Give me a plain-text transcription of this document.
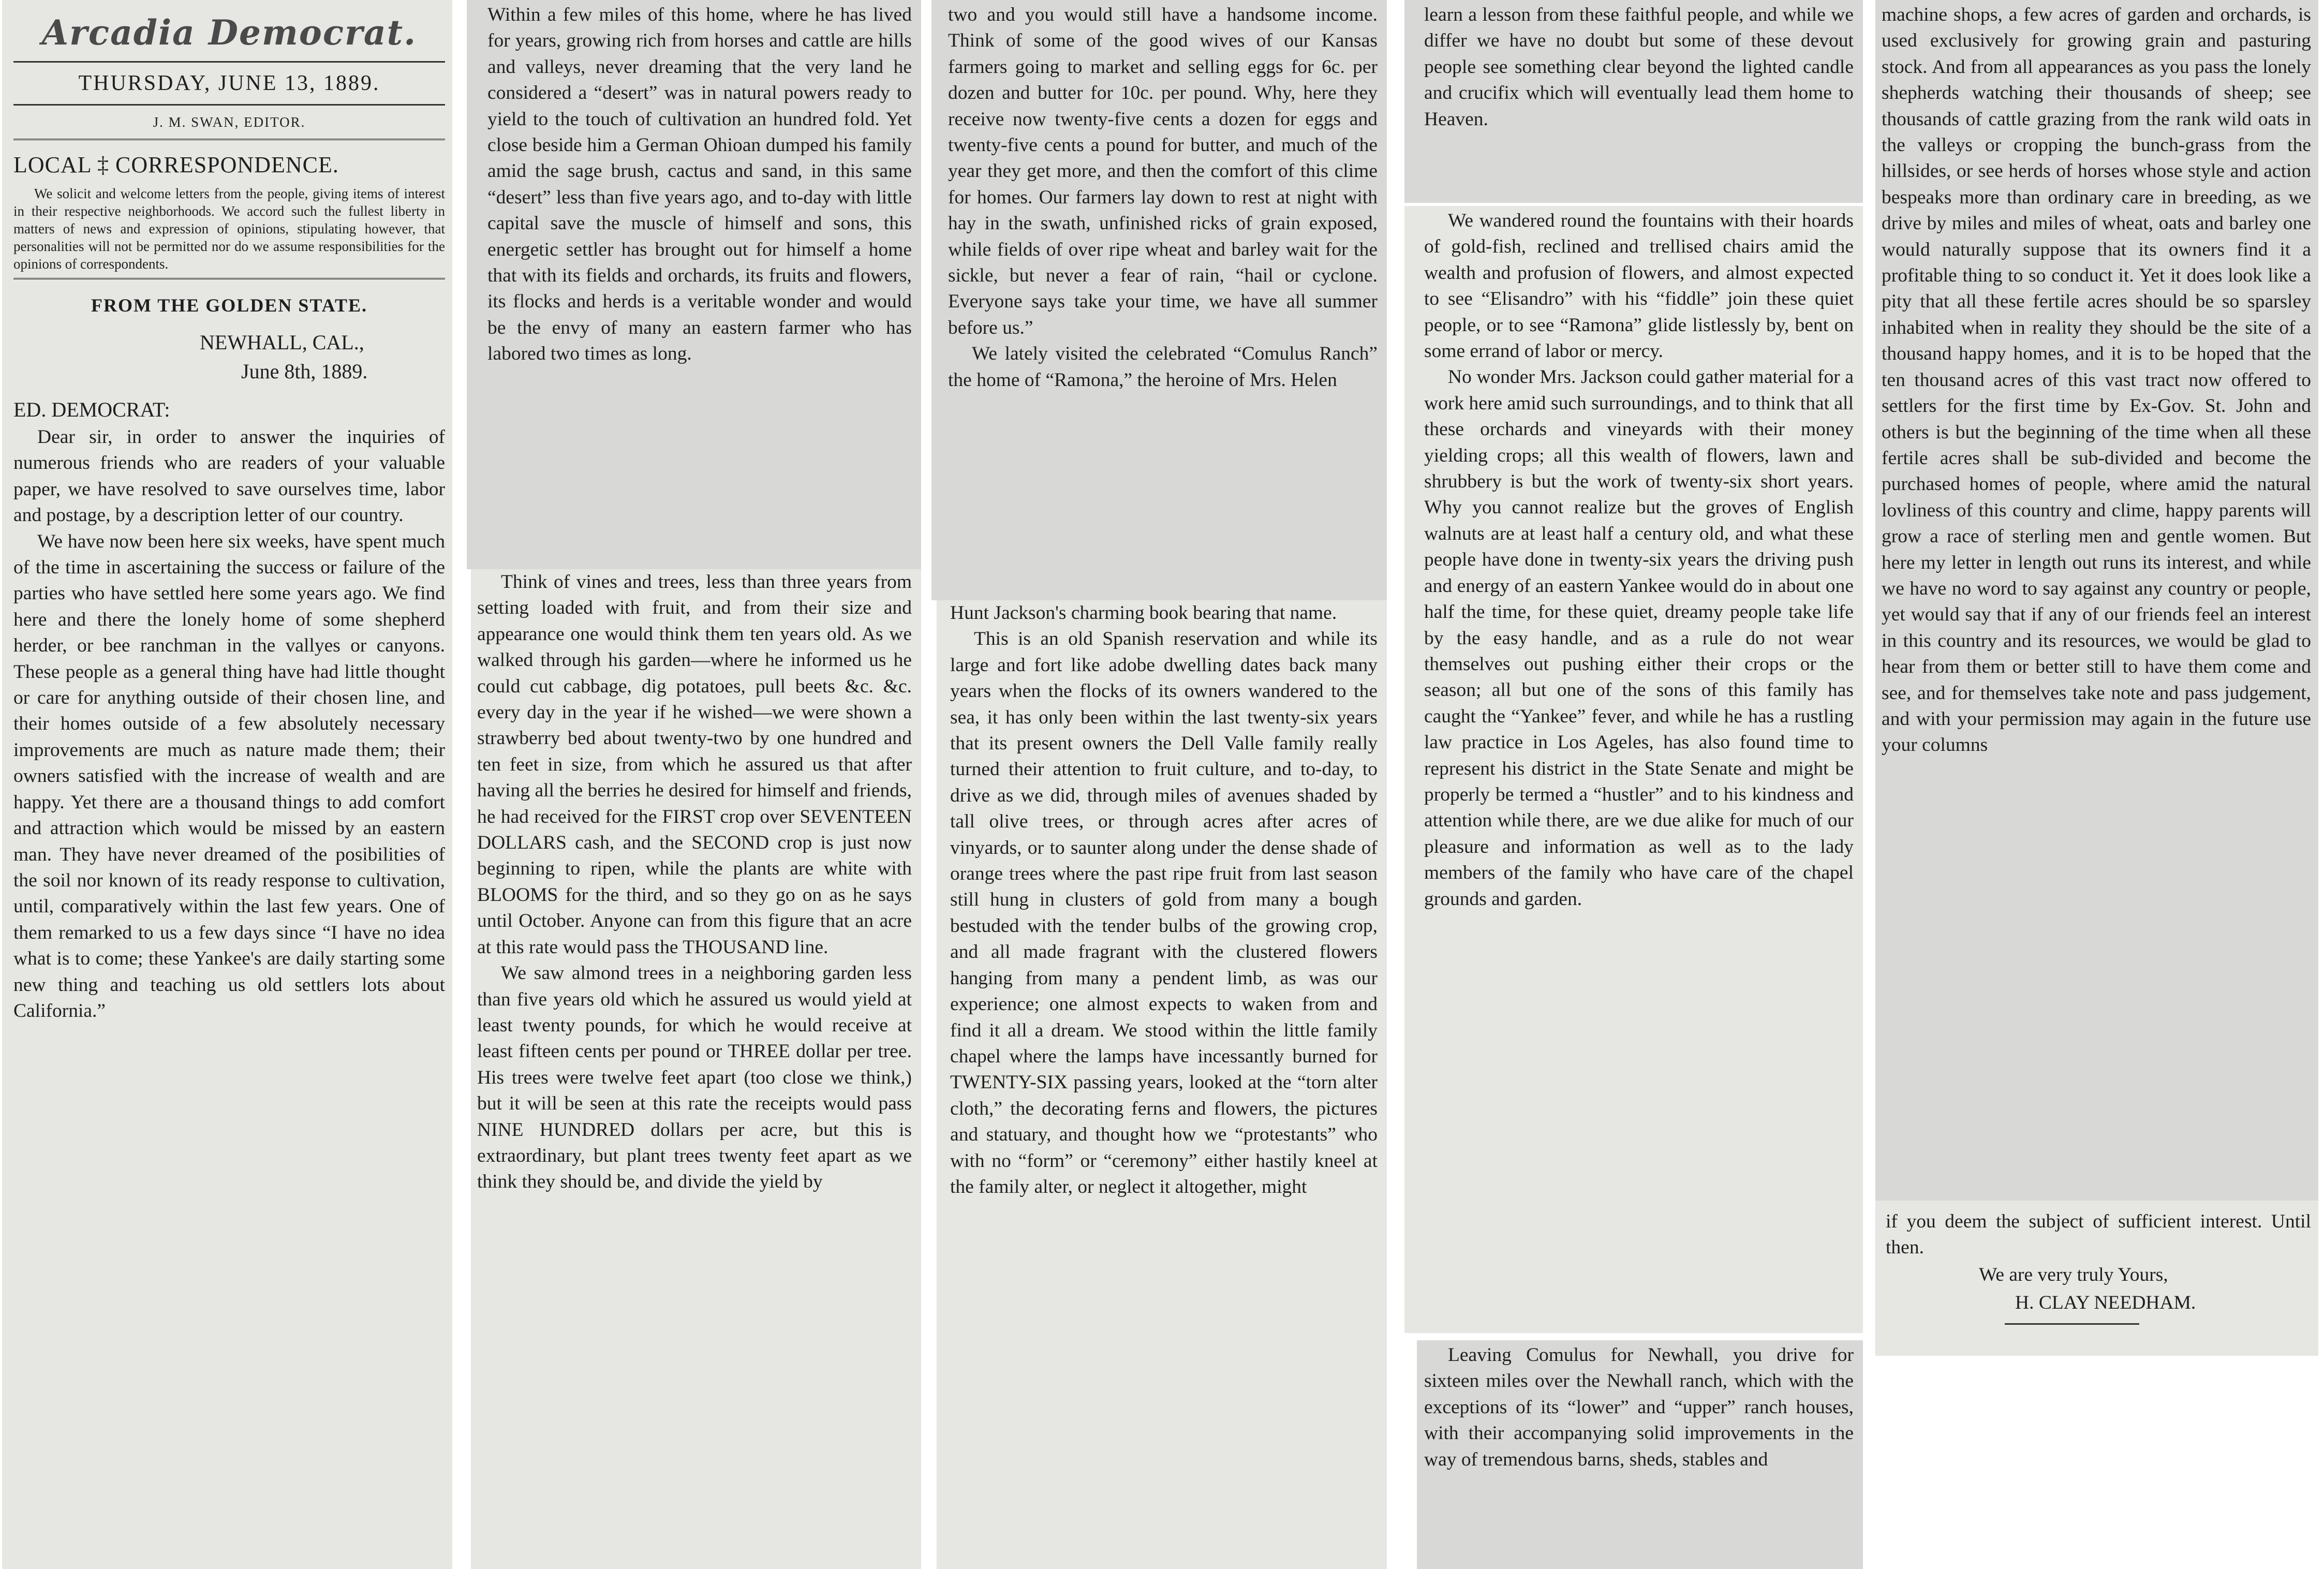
Arcadia Democrat.

THURSDAY, JUNE 13, 1889.

J. M. SWAN, EDITOR.

LOCAL ‡ CORRESPONDENCE.

We solicit and welcome letters from the people, giving items of interest in their respective neighborhoods. We accord such the fullest liberty in matters of news and expression of opinions, stipulating however, that personalities will not be permitted nor do we assume responsibilities for the opinions of correspondents.

FROM THE GOLDEN STATE.

NEWHALL, CAL.,

June 8th, 1889.

ED. DEMOCRAT:

Dear sir, in order to answer the inquiries of numerous friends who are readers of your valuable paper, we have resolved to save ourselves time, labor and postage, by a description letter of our country.

We have now been here six weeks, have spent much of the time in ascertaining the success or failure of the parties who have settled here some years ago. We find here and there the lonely home of some shepherd herder, or bee ranchman in the vallyes or canyons. These people as a general thing have had little thought or care for anything outside of their chosen line, and their homes outside of a few absolutely necessary improvements are much as nature made them; their owners satisfied with the increase of wealth and are happy. Yet there are a thousand things to add comfort and attraction which would be missed by an eastern man. They have never dreamed of the posibilities of the soil nor known of its ready response to cultivation, until, comparatively within the last few years. One of them remarked to us a few days since “I have no idea what is to come; these Yankee's are daily starting some new thing and teaching us old settlers lots about California.”

Within a few miles of this home, where he has lived for years, growing rich from horses and cattle are hills and valleys, never dreaming that the very land he considered a “desert” was in natural powers ready to yield to the touch of cultivation an hundred fold. Yet close beside him a German Ohioan dumped his family amid the sage brush, cactus and sand, in this same “desert” less than five years ago, and to-day with little capital save the muscle of himself and sons, this energetic settler has brought out for himself a home that with its fields and orchards, its fruits and flowers, its flocks and herds is a veritable wonder and would be the envy of many an eastern farmer who has labored two times as long.

Think of vines and trees, less than three years from setting loaded with fruit, and from their size and appearance one would think them ten years old. As we walked through his garden—where he informed us he could cut cabbage, dig potatoes, pull beets &c. &c. every day in the year if he wished—we were shown a strawberry bed about twenty-two by one hundred and ten feet in size, from which he assured us that after having all the berries he desired for himself and friends, he had received for the FIRST crop over SEVENTEEN DOLLARS cash, and the SECOND crop is just now beginning to ripen, while the plants are white with BLOOMS for the third, and so they go on as he says until October. Anyone can from this figure that an acre at this rate would pass the THOUSAND line.

We saw almond trees in a neighboring garden less than five years old which he assured us would yield at least twenty pounds, for which he would receive at least fifteen cents per pound or THREE dollar per tree. His trees were twelve feet apart (too close we think,) but it will be seen at this rate the receipts would pass NINE HUNDRED dollars per acre, but this is extraordinary, but plant trees twenty feet apart as we think they should be, and divide the yield by

two and you would still have a handsome income. Think of some of the good wives of our Kansas farmers going to market and selling eggs for 6c. per dozen and butter for 10c. per pound. Why, here they receive now twenty-five cents a dozen for eggs and twenty-five cents a pound for butter, and much of the year they get more, and then the comfort of this clime for homes. Our farmers lay down to rest at night with hay in the swath, unfinished ricks of grain exposed, while fields of over ripe wheat and barley wait for the sickle, but never a fear of rain, “hail or cyclone. Everyone says take your time, we have all summer before us.”

We lately visited the celebrated “Comulus Ranch” the home of “Ramona,” the heroine of Mrs. Helen

Hunt Jackson's charming book bearing that name.

This is an old Spanish reservation and while its large and fort like adobe dwelling dates back many years when the flocks of its owners wandered to the sea, it has only been within the last twenty-six years that its present owners the Dell Valle family really turned their attention to fruit culture, and to-day, to drive as we did, through miles of avenues shaded by tall olive trees, or through acres after acres of vinyards, or to saunter along under the dense shade of orange trees where the past ripe fruit from last season still hung in clusters of gold from many a bough bestuded with the tender bulbs of the growing crop, and all made fragrant with the clustered flowers hanging from many a pendent limb, as was our experience; one almost expects to waken from and find it all a dream. We stood within the little family chapel where the lamps have incessantly burned for TWENTY-SIX passing years, looked at the “torn alter cloth,” the decorating ferns and flowers, the pictures and statuary, and thought how we “protestants” who with no “form” or “ceremony” either hastily kneel at the family alter, or neglect it altogether, might

learn a lesson from these faithful people, and while we differ we have no doubt but some of these devout people see something clear beyond the lighted candle and crucifix which will eventually lead them home to Heaven.

We wandered round the fountains with their hoards of gold-fish, reclined and trellised chairs amid the wealth and profusion of flowers, and almost expected to see “Elisandro” with his “fiddle” join these quiet people, or to see “Ramona” glide listlessly by, bent on some errand of labor or mercy.

No wonder Mrs. Jackson could gather material for a work here amid such surroundings, and to think that all these orchards and vineyards with their money yielding crops; all this wealth of flowers, lawn and shrubbery is but the work of twenty-six short years. Why you cannot realize but the groves of English walnuts are at least half a century old, and what these people have done in twenty-six years the driving push and energy of an eastern Yankee would do in about one half the time, for these quiet, dreamy people take life by the easy handle, and as a rule do not wear themselves out pushing either their crops or the season; all but one of the sons of this family has caught the “Yankee” fever, and while he has a rustling law practice in Los Ageles, has also found time to represent his district in the State Senate and might be properly be termed a “hustler” and to his kindness and attention while there, are we due alike for much of our pleasure and information as well as to the lady members of the family who have care of the chapel grounds and garden.

Leaving Comulus for Newhall, you drive for sixteen miles over the Newhall ranch, which with the exceptions of its “lower” and “upper” ranch houses, with their accompanying solid improvements in the way of tremendous barns, sheds, stables and

machine shops, a few acres of garden and orchards, is used exclusively for growing grain and pasturing stock. And from all appearances as you pass the lonely shepherds watching their thousands of sheep; see thousands of cattle grazing from the rank wild oats in the valleys or cropping the bunch-grass from the hillsides, or see herds of horses whose style and action bespeaks more than ordinary care in breeding, as we drive by miles and miles of wheat, oats and barley one would naturally suppose that its owners find it a profitable thing to so conduct it. Yet it does look like a pity that all these fertile acres should be so sparsley inhabited when in reality they should be the site of a thousand happy homes, and it is to be hoped that the ten thousand acres of this vast tract now offered to settlers for the first time by Ex-Gov. St. John and others is but the beginning of the time when all these fertile acres shall be sub-divided and become the purchased homes of people, where amid the natural lovliness of this country and clime, happy parents will grow a race of sterling men and gentle women. But here my letter in length out runs its interest, and while we have no word to say against any country or people, yet would say that if any of our friends feel an interest in this country and its resources, we would be glad to hear from them or better still to have them come and see, and for themselves take note and pass judgement, and with your permission may again in the future use your columns

if you deem the subject of sufficient interest. Until then.

We are very truly Yours,

H. CLAY NEEDHAM.
